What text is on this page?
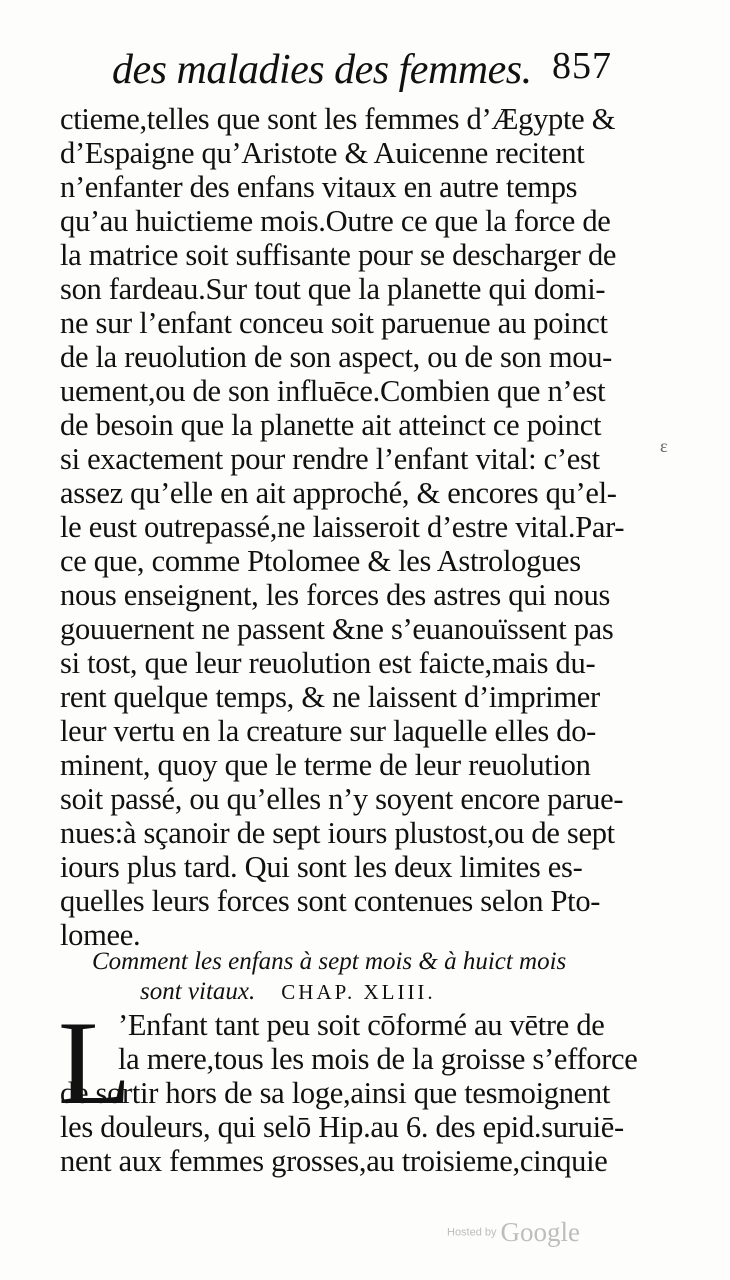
des maladies des femmes. 857
ctieme,telles que sont les femmes d’Ægypte &
d’Espaigne qu’Aristote & Auicenne recitent
n’enfanter des enfans vitaux en autre temps
qu’au huictieme mois.Outre ce que la force de
la matrice soit suffisante pour se descharger de
son fardeau.Sur tout que la planette qui domi-
ne sur l’enfant conceu soit paruenue au poinct
de la reuolution de son aspect, ou de son mou-
uement,ou de son influēce.Combien que n’est
de besoin que la planette ait atteinct ce poinct
si exactement pour rendre l’enfant vital: c’est
assez qu’elle en ait approché, & encores qu’el-
le eust outrepassé,ne laisseroit d’estre vital.Par-
ce que, comme Ptolomee & les Astrologues
nous enseignent, les forces des astres qui nous
gouuernent ne passent &ne s’euanouïssent pas
si tost, que leur reuolution est faicte,mais du-
rent quelque temps, & ne laissent d’imprimer
leur vertu en la creature sur laquelle elles do-
minent, quoy que le terme de leur reuolution
soit passé, ou qu’elles n’y soyent encore parue-
nues:à sçanoir de sept iours plustost,ou de sept
iours plus tard. Qui sont les deux limites es-
quelles leurs forces sont contenues selon Pto-
lomee.
Comment les enfans à sept mois & à huict mois
sont vitaux. CHAP. XLIII.
L
’Enfant tant peu soit cōformé au vētre de
la mere,tous les mois de la groisse s’efforce
de sortir hors de sa loge,ainsi que tesmoignent
les douleurs, qui selō Hip.au 6. des epid.suruiē-
nent aux femmes grosses,au troisieme,cinquie
ε
Hosted by Google
